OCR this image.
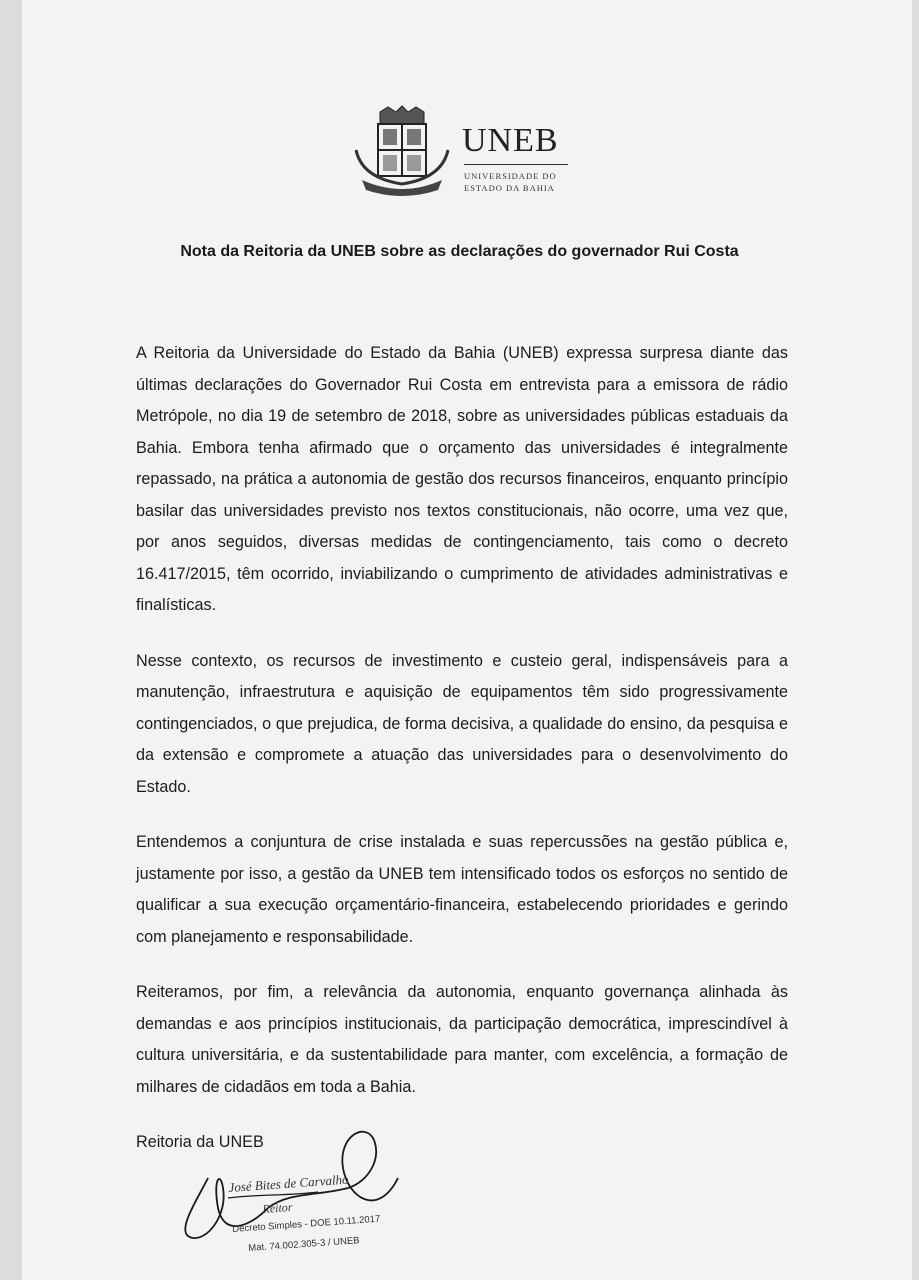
UNEB
UNIVERSIDADE DO
ESTADO DA BAHIA
Nota da Reitoria da UNEB sobre as declarações do governador Rui Costa

A Reitoria da Universidade do Estado da Bahia (UNEB) expressa surpresa diante das últimas declarações do Governador Rui Costa em entrevista para a emissora de rádio Metrópole, no dia 19 de setembro de 2018, sobre as universidades públicas estaduais da Bahia. Embora tenha afirmado que o orçamento das universidades é integralmente repassado, na prática a autonomia de gestão dos recursos financeiros, enquanto princípio basilar das universidades previsto nos textos constitucionais, não ocorre, uma vez que, por anos seguidos, diversas medidas de contingenciamento, tais como o decreto 16.417/2015, têm ocorrido, inviabilizando o cumprimento de atividades administrativas e finalísticas.

Nesse contexto, os recursos de investimento e custeio geral, indispensáveis para a manutenção, infraestrutura e aquisição de equipamentos têm sido progressivamente contingenciados, o que prejudica, de forma decisiva, a qualidade do ensino, da pesquisa e da extensão e compromete a atuação das universidades para o desenvolvimento do Estado.

Entendemos a conjuntura de crise instalada e suas repercussões na gestão pública e, justamente por isso, a gestão da UNEB tem intensificado todos os esforços no sentido de qualificar a sua execução orçamentário-financeira, estabelecendo prioridades e gerindo com planejamento e responsabilidade.

Reiteramos, por fim, a relevância da autonomia, enquanto governança alinhada às demandas e aos princípios institucionais, da participação democrática, imprescindível à cultura universitária, e da sustentabilidade para manter, com excelência, a formação de milhares de cidadãos em toda a Bahia.

Reitoria da UNEB
José Bites de Carvalho
Reitor
Decreto Simples - DOE 10.11.2017
Mat. 74.002.305-3 / UNEB
